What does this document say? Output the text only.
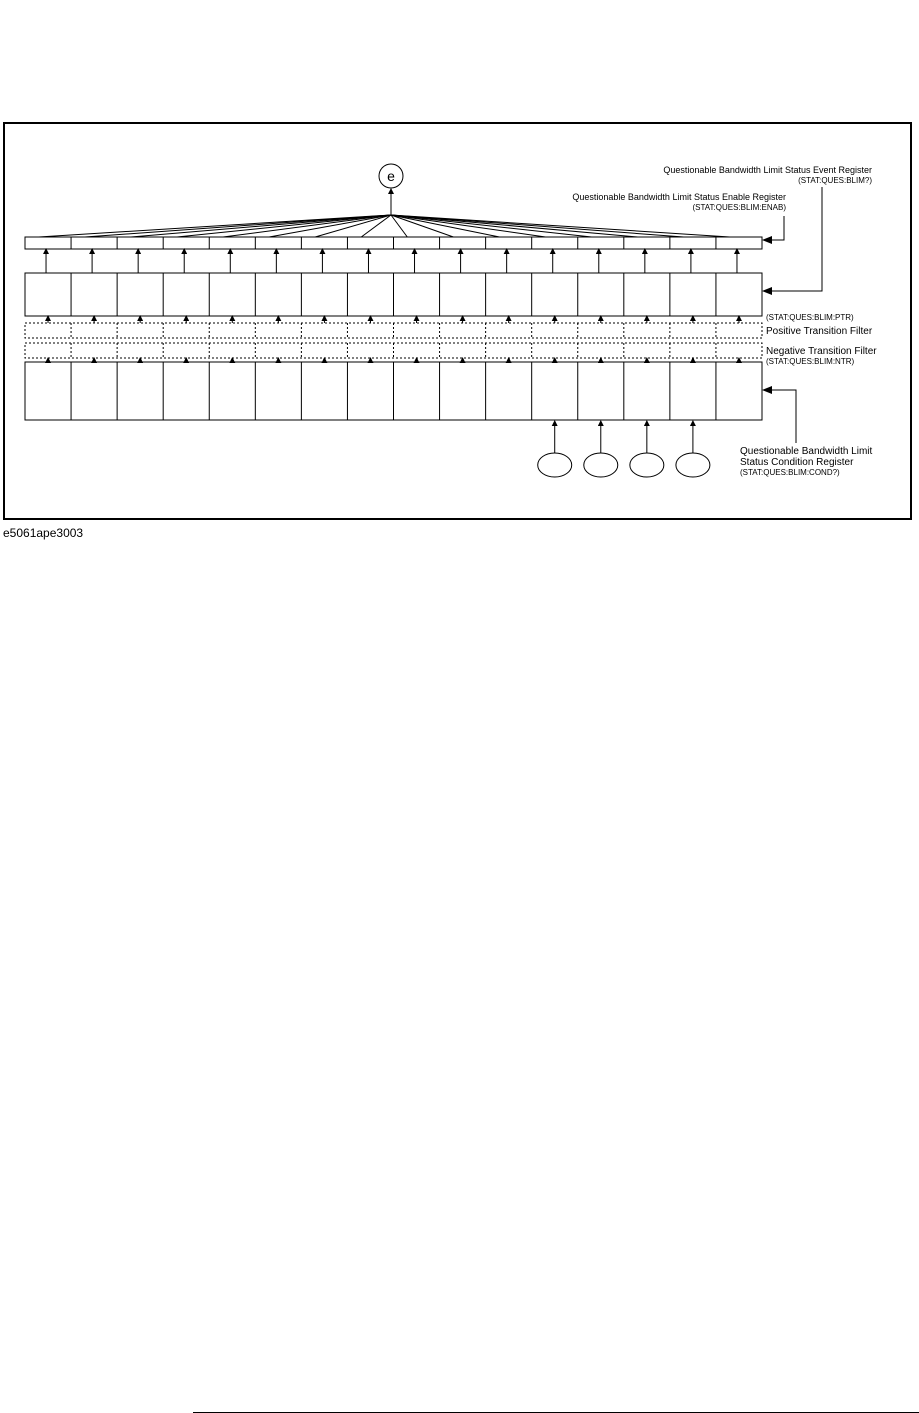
e	Questionable Bandwidth Limit Status Event Register
(STAT:QUES:BLIM?)
Questionable Bandwidth Limit Status Enable Register
(STAT:QUES:BLIM:ENAB)
(STAT:QUES:BLIM:PTR)
Positive Transition Filter
Negative Transition Filter
(STAT:QUES:BLIM:NTR)
Questionable Bandwidth Limit
Status Condition Register
(STAT:QUES:BLIM:COND?)
e5061ape3003
